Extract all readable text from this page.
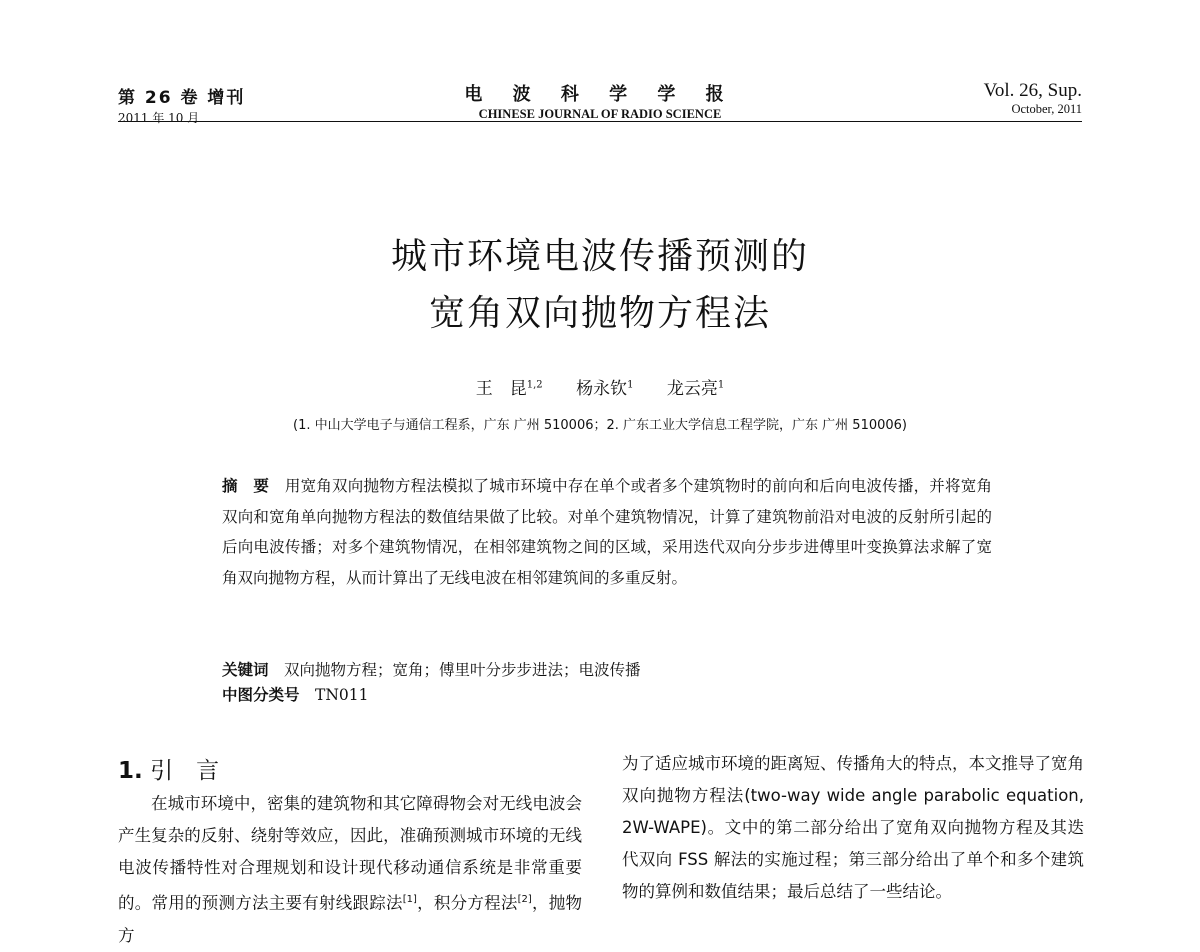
第 26 卷 增刊
2011 年 10 月
电 波 科 学 学 报
CHINESE JOURNAL OF RADIO SCIENCE
Vol. 26, Sup.
October, 2011
城市环境电波传播预测的
宽角双向抛物方程法
王　昆$^{1,2}$ 杨永钦$^1$ 龙云亮$^1$
(1. 中山大学电子与通信工程系，广东 广州 510006；2. 广东工业大学信息工程学院，广东 广州 510006)
摘　要　 用宽角双向抛物方程法模拟了城市环境中存在单个或者多个建筑物时的前向和后向电波传播，并将宽角双向和宽角单向抛物方程法的数值结果做了比较。对单个建筑物情况，计算了建筑物前沿对电波的反射所引起的后向电波传播；对多个建筑物情况，在相邻建筑物之间的区域，采用迭代双向分步步进傅里叶变换算法求解了宽角双向抛物方程，从而计算出了无线电波在相邻建筑间的多重反射。
关键词　 双向抛物方程；宽角；傅里叶分步步进法；电波传播
中图分类号　 TN011
1. 引　言
在城市环境中，密集的建筑物和其它障碍物会对无线电波会产生复杂的反射、绕射等效应，因此，准确预测城市环境的无线电波传播特性对合理规划和设计现代移动通信系统是非常重要的。常用的预测方法主要有射线跟踪法[1]，积分方程法[2]，抛物方
为了适应城市环境的距离短、传播角大的特点，本文推导了宽角双向抛物方程法(two-way wide angle parabolic equation, 2W-WAPE)。文中的第二部分给出了宽角双向抛物方程及其迭代双向 FSS 解法的实施过程；第三部分给出了单个和多个建筑物的算例和数值结果；最后总结了一些结论。
